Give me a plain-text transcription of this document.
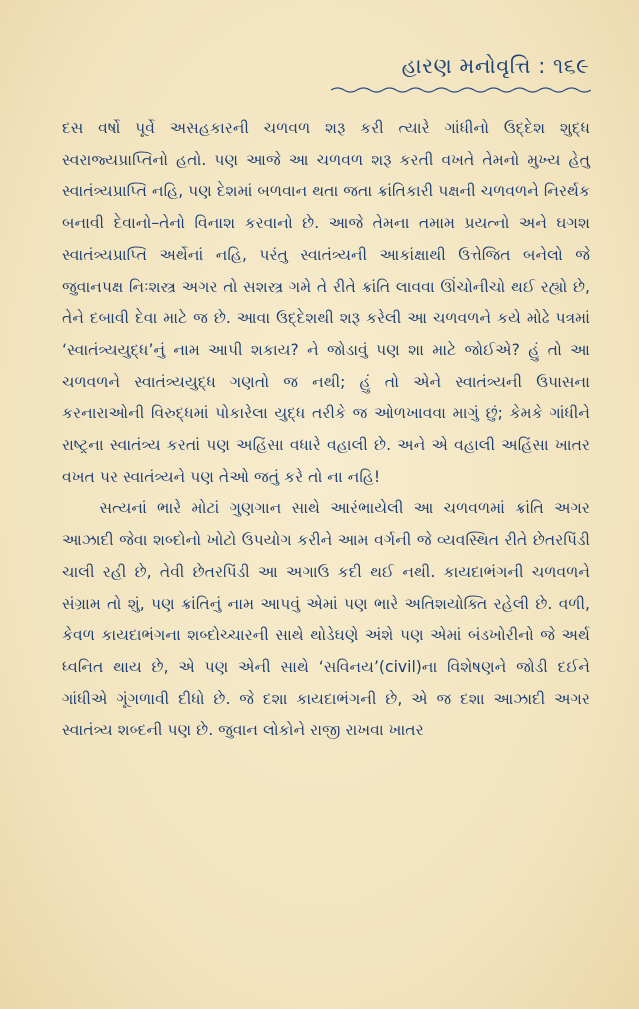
હારણ મનોવૃત્તિ : ૧૬૯

દસ વર્ષો પૂર્વે અસહકારની ચળવળ શરૂ કરી ત્યારે ગાંધીનો ઉદ્દેશ શુદ્ધ સ્વરાજ્યપ્રાપ્તિનો હતો. પણ આજે આ ચળવળ શરૂ કરતી વખતે તેમનો મુખ્ય હેતુ સ્વાતંત્ર્યપ્રાપ્તિ નહિ, પણ દેશમાં બળવાન થતા જતા ક્રાંતિકારી પક્ષની ચળવળને નિરર્થક બનાવી દેવાનો–તેનો વિનાશ કરવાનો છે. આજે તેમના તમામ પ્રયત્નો અને ઘગશ સ્વાતંત્ર્યપ્રાપ્તિ અર્થેનાં નહિ, પરંતુ સ્વાતંત્ર્યની આકાંક્ષાથી ઉત્તેજિત બનેલો જે જુવાનપક્ષ નિઃશસ્ત્ર અગર તો સશસ્ત્ર ગમે તે રીતે ક્રાંતિ લાવવા ઊંચોનીચો થઈ રહ્યો છે, તેને દબાવી દેવા માટે જ છે. આવા ઉદ્દેશથી શરૂ કરેલી આ ચળવળને કયે મોઢે પત્રમાં ‘સ્વાતંત્ર્યયુદ્ધ’નું નામ આપી શકાય? ને જોડાવું પણ શા માટે જોઈએ? હું તો આ ચળવળને સ્વાતંત્ર્યયુદ્ધ ગણતો જ નથી; હું તો એને સ્વાતંત્ર્યની ઉપાસના કરનારાઓની વિરુદ્ધમાં પોકારેલા યુદ્ધ તરીકે જ ઓળખાવવા માગું છું; કેમકે ગાંધીને રાષ્ટ્રના સ્વાતંત્ર્ય કરતાં પણ અહિંસા વધારે વહાલી છે. અને એ વહાલી અહિંસા ખાતર વખત પર સ્વાતંત્ર્યને પણ તેઓ જતું કરે તો ના નહિ!

સત્યનાં ભારે મોટાં ગુણગાન સાથે આરંભાયેલી આ ચળવળમાં ક્રાંતિ અગર આઝાદી જેવા શબ્દોનો ખોટો ઉપયોગ કરીને આમ વર્ગની જે વ્યવસ્થિત રીતે છેતરપિંડી ચાલી રહી છે, તેવી છેતરપિંડી આ અગાઉ કદી થઈ નથી. કાયદાભંગની ચળવળને સંગ્રામ તો શું, પણ ક્રાંતિનું નામ આપવું એમાં પણ ભારે અતિશયોક્તિ રહેલી છે. વળી, કેવળ કાયદાભંગના શબ્દોચ્ચારની સાથે થોડેઘણે અંશે પણ એમાં બંડખોરીનો જે અર્થ ધ્વનિત થાય છે, એ પણ એની સાથે ‘સવિનય’(civil)ના વિશેષણને જોડી દઈને ગાંધીએ ગૂંગળાવી દીધો છે. જે દશા કાયદાભંગની છે, એ જ દશા આઝાદી અગર સ્વાતંત્ર્ય શબ્દની પણ છે. જુવાન લોકોને રાજી રાખવા ખાતર
